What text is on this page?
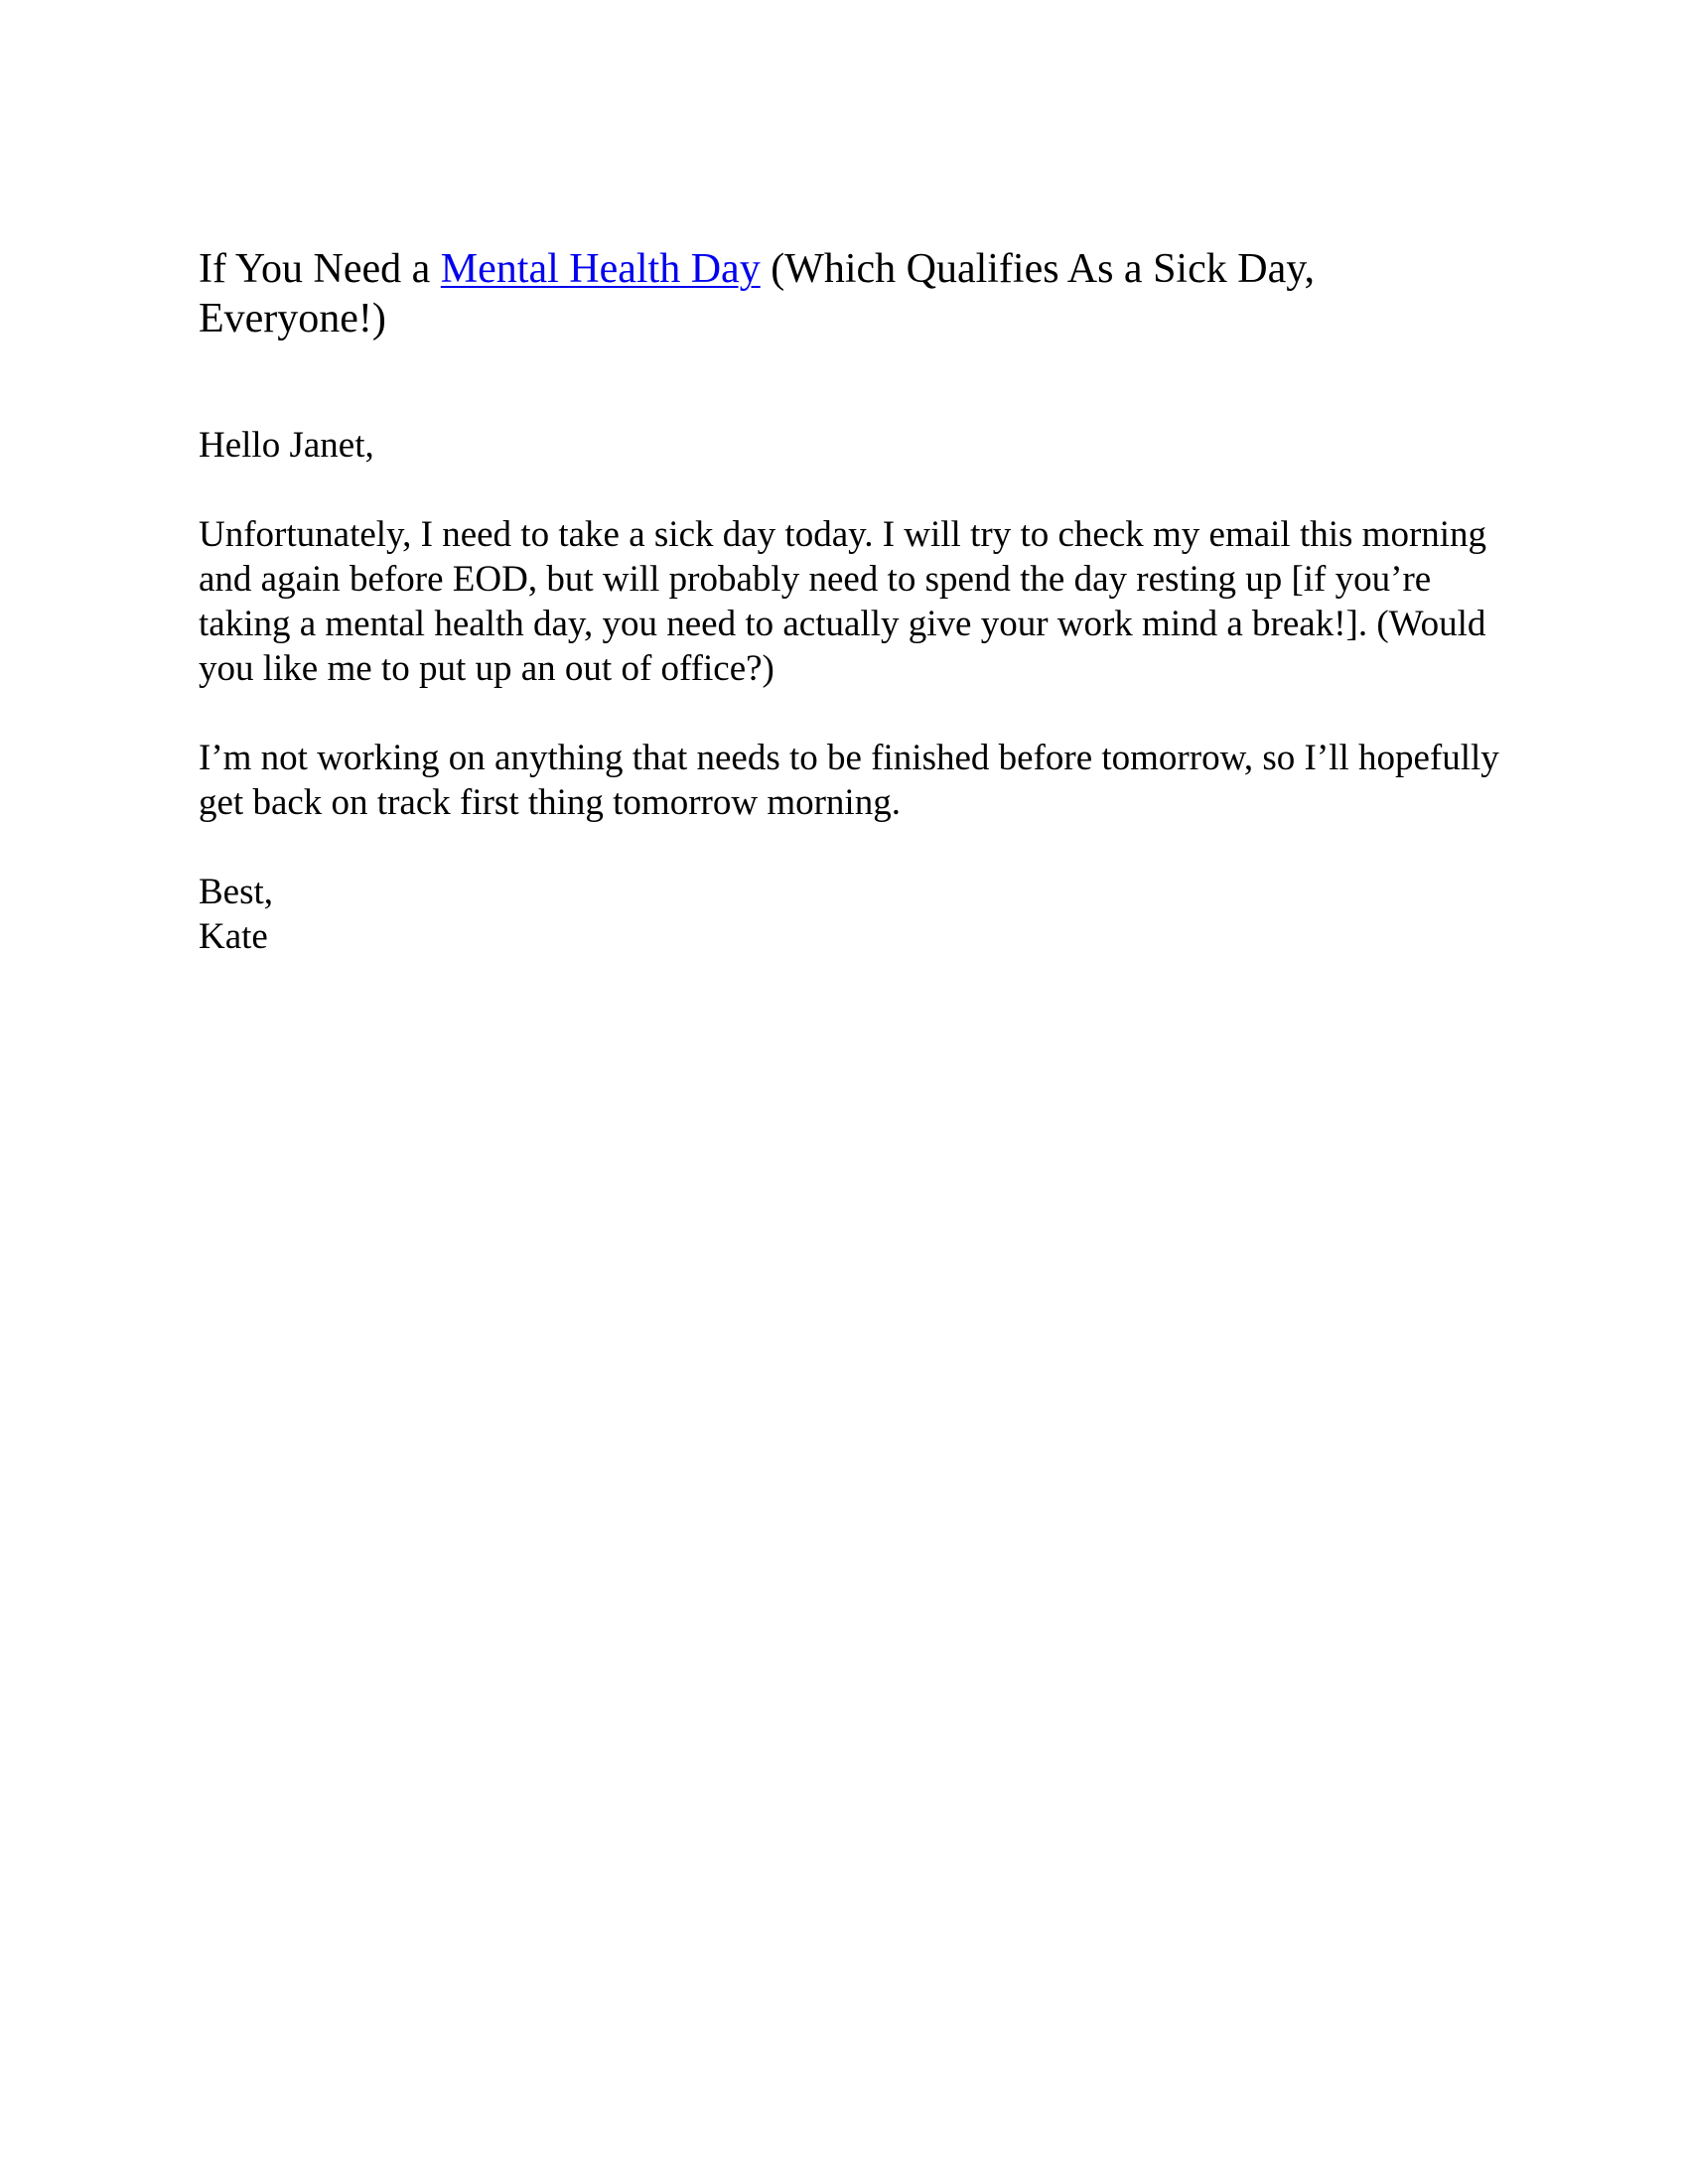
If You Need a Mental Health Day (Which Qualifies As a Sick Day, Everyone!)

Hello Janet,

Unfortunately, I need to take a sick day today. I will try to check my email this morning and again before EOD, but will probably need to spend the day resting up [if you’re taking a mental health day, you need to actually give your work mind a break!]. (Would you like me to put up an out of office?)

I’m not working on anything that needs to be finished before tomorrow, so I’ll hopefully get back on track first thing tomorrow morning.

Best,

Kate
